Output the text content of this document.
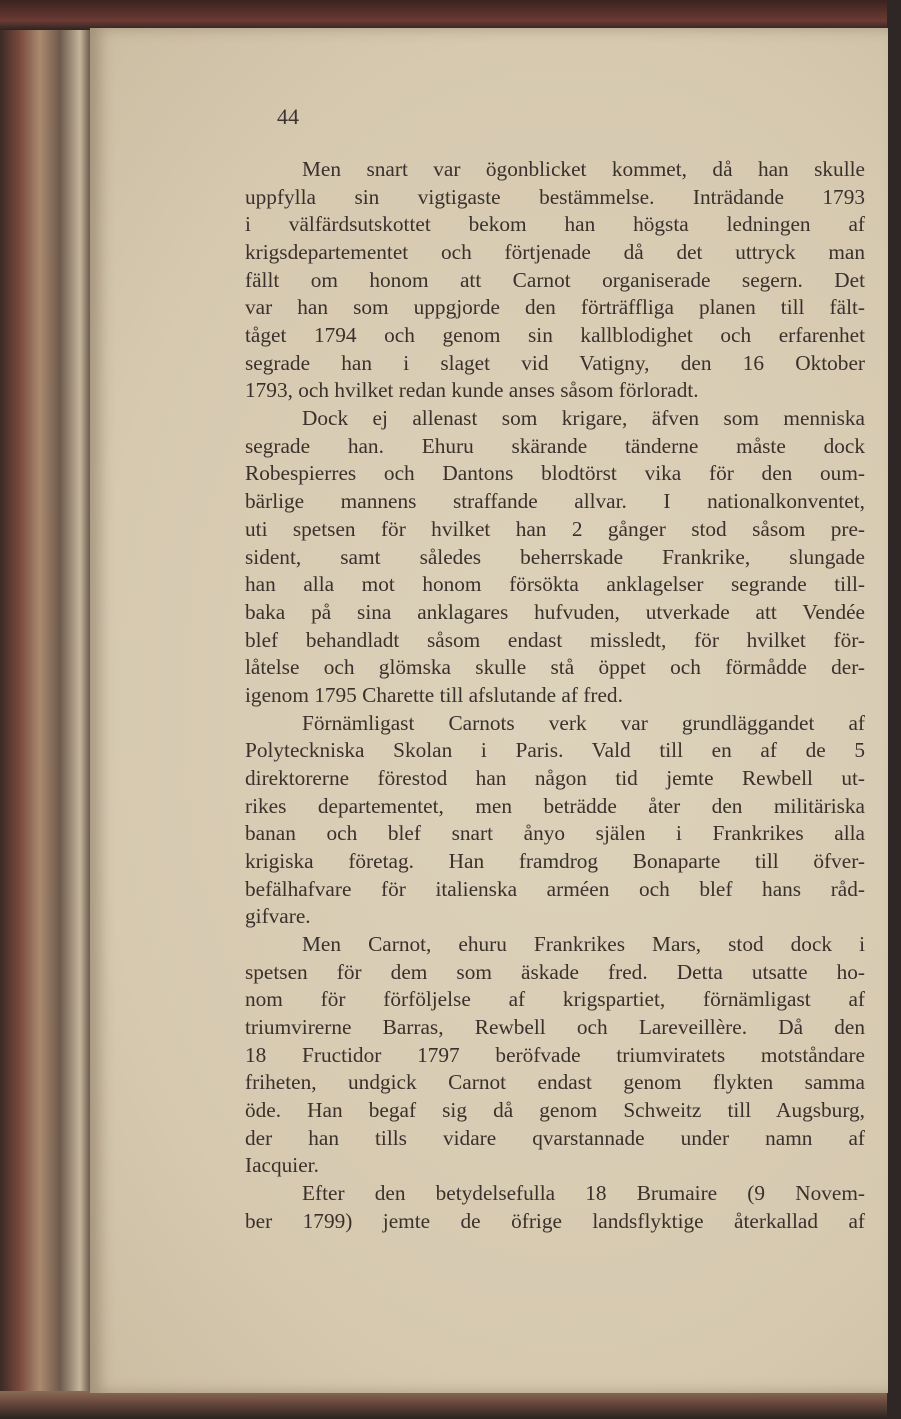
44
Men snart var ögonblicket kommet, då han skulle
uppfylla sin vigtigaste bestämmelse. Inträdande 1793
i välfärdsutskottet bekom han högsta ledningen af
krigsdepartementet och förtjenade då det uttryck man
fällt om honom att Carnot organiserade segern. Det
var han som uppgjorde den förträffliga planen till fält-
tåget 1794 och genom sin kallblodighet och erfarenhet
segrade han i slaget vid Vatigny, den 16 Oktober
1793, och hvilket redan kunde anses såsom förloradt.
Dock ej allenast som krigare, äfven som menniska
segrade han. Ehuru skärande tänderne måste dock
Robespierres och Dantons blodtörst vika för den oum-
bärlige mannens straffande allvar. I nationalkonventet,
uti spetsen för hvilket han 2 gånger stod såsom pre-
sident, samt således beherrskade Frankrike, slungade
han alla mot honom försökta anklagelser segrande till-
baka på sina anklagares hufvuden, utverkade att Vendée
blef behandladt såsom endast missledt, för hvilket för-
låtelse och glömska skulle stå öppet och förmådde der-
igenom 1795 Charette till afslutande af fred.
Förnämligast Carnots verk var grundläggandet af
Polyteckniska Skolan i Paris. Vald till en af de 5
direktorerne förestod han någon tid jemte Rewbell ut-
rikes departementet, men beträdde åter den militäriska
banan och blef snart ånyo själen i Frankrikes alla
krigiska företag. Han framdrog Bonaparte till öfver-
befälhafvare för italienska arméen och blef hans råd-
gifvare.
Men Carnot, ehuru Frankrikes Mars, stod dock i
spetsen för dem som äskade fred. Detta utsatte ho-
nom för förföljelse af krigspartiet, förnämligast af
triumvirerne Barras, Rewbell och Lareveillère. Då den
18 Fructidor 1797 beröfvade triumviratets motståndare
friheten, undgick Carnot endast genom flykten samma
öde. Han begaf sig då genom Schweitz till Augsburg,
der han tills vidare qvarstannade under namn af
Iacquier.
Efter den betydelsefulla 18 Brumaire (9 Novem-
ber 1799) jemte de öfrige landsflyktige återkallad af
